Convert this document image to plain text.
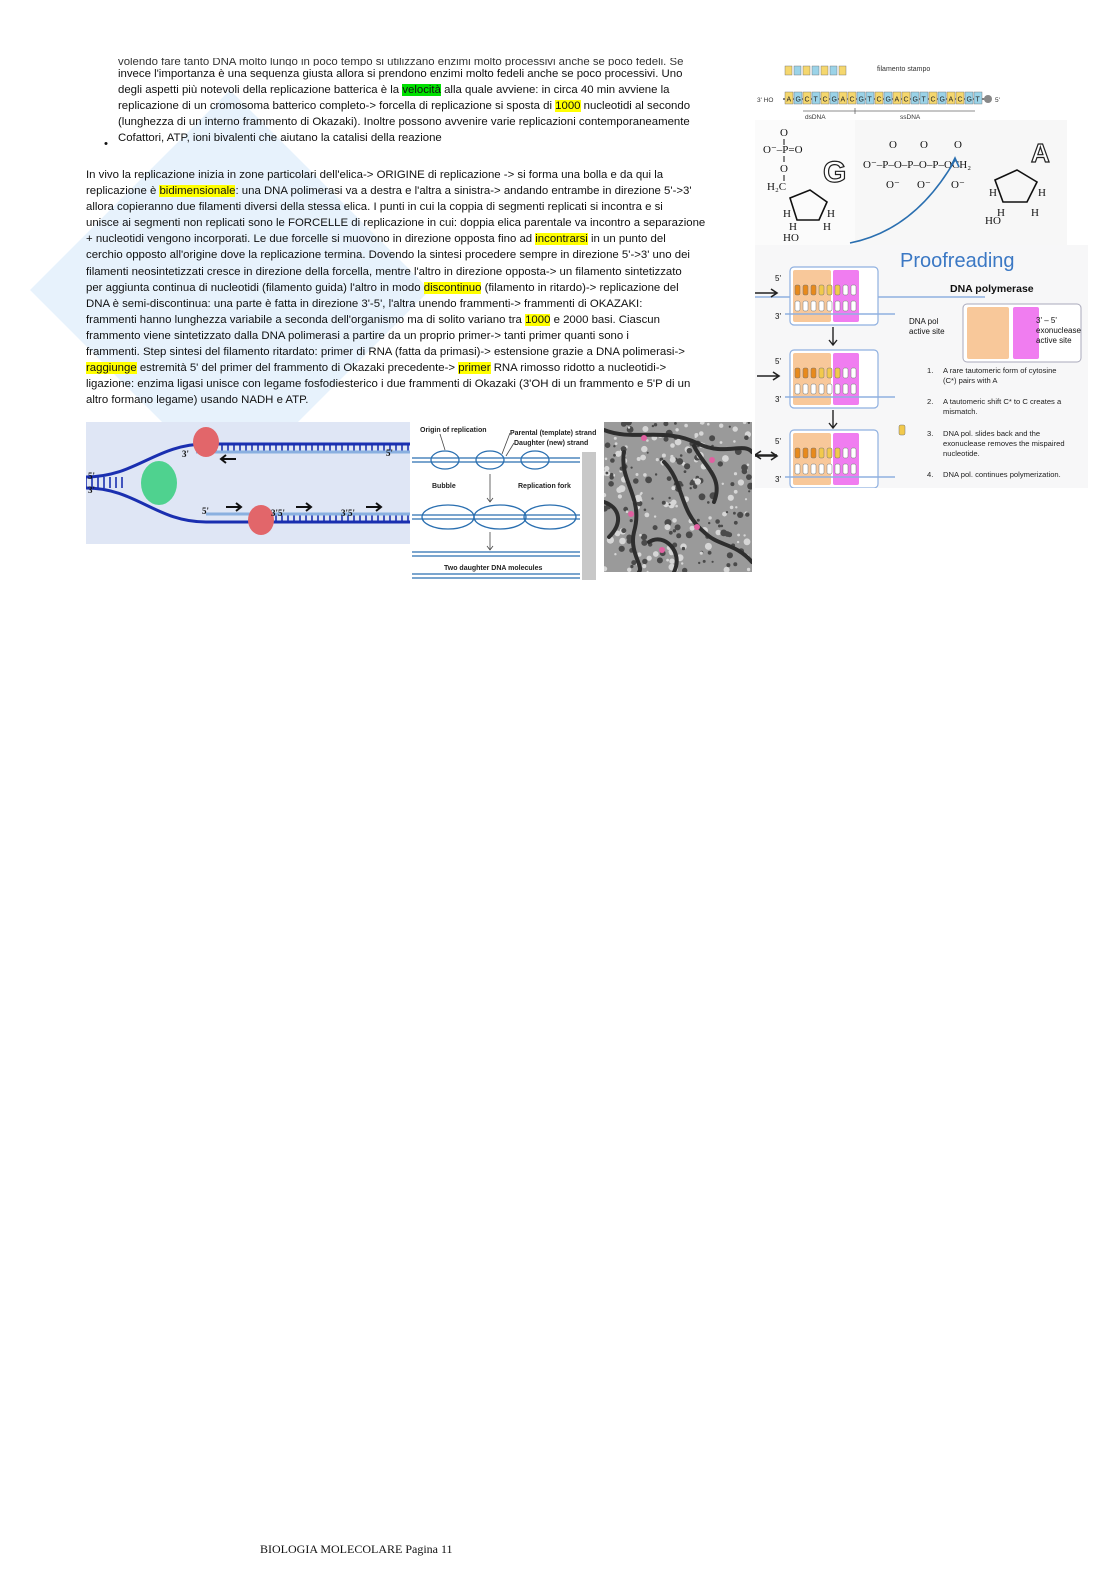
volendo fare tanto DNA molto lungo in poco tempo si utilizzano enzimi molto processivi anche se poco fedeli. Se
invece l'importanza è una sequenza giusta allora si prendono enzimi molto fedeli anche se poco processivi. Uno
degli aspetti più notevoli della replicazione batterica è la velocità alla quale avviene: in circa 40 min avviene la
replicazione di un cromosoma batterico completo-> forcella di replicazione si sposta di 1000 nucleotidi al secondo
(lunghezza di un interno frammento di Okazaki). Inoltre possono avvenire varie replicazioni contemporaneamente
Cofattori, ATP, ioni bivalenti che aiutano la catalisi della reazione
•
In vivo la replicazione inizia in zone particolari dell'elica-> ORIGINE di replicazione -> si forma una bolla e da qui la
replicazione è bidimensionale: una DNA polimerasi va a destra e l'altra a sinistra-> andando entrambe in direzione 5'->3'
allora copieranno due filamenti diversi della stessa elica. I punti in cui la coppia di segmenti replicati si incontra e si
unisce ai segmenti non replicati sono le FORCELLE di replicazione in cui: doppia elica parentale va incontro a separazione
+ nucleotidi vengono incorporati. Le due forcelle si muovono in direzione opposta fino ad incontrarsi in un punto del
cerchio opposto all'origine dove la replicazione termina. Dovendo la sintesi procedere sempre in direzione 5'->3' uno dei
filamenti neosintetizzati cresce in direzione della forcella, mentre l'altro in direzione opposta-> un filamento sintetizzato
per aggiunta continua di nucleotidi (filamento guida) l'altro in modo discontinuo (filamento in ritardo)-> replicazione del
DNA è semi-discontinua: una parte è fatta in direzione 3'-5', l'altra unendo frammenti-> frammenti di OKAZAKI:
frammenti hanno lunghezza variabile a seconda dell'organismo ma di solito variano tra 1000 e 2000 basi. Ciascun
frammento viene sintetizzato dalla DNA polimerasi a partire da un proprio primer-> tanti primer quanti sono i
frammenti. Step sintesi del filamento ritardato: primer di RNA (fatta da primasi)-> estensione grazie a DNA polimerasi->
raggiunge estremità 5' del primer del frammento di Okazaki precedente-> primer RNA rimosso ridotto a nucleotidi->
ligazione: enzima ligasi unisce con legame fosfodiesterico i due frammenti di Okazaki (3'OH di un frammento e 5'P di un
altro formano legame) usando NADH e ATP.
A G C T C G A C G T C G A C G T C G A C G T
filamento stampo
3' HO	5'
dsDNA	ssDNA
O
O⁻–P=O
O
H₂C
H	H
H H
HO
G
O O O
O⁻–P–O–P–O–P–OCH₂
O⁻ O⁻ O⁻
H	H
H H
HO
A
Proofreading
DNA polymerase
5'
3'
5'
3'
5'
3'
DNA pol active site
3' – 5' exonuclease active site
1. A rare tautomeric form of cytosine (C*) pairs with A
2. A tautomeric shift C* to C creates a mismatch.
3. DNA pol. slides back and the exonuclease removes the mispaired nucleotide.
4. DNA pol. continues polymerization.
5'
3'
3'	5'
5'	3'5'	3'5'
Origin of replication	Parental (template) strand
Daughter (new) strand
Bubble	Replication fork
Two daughter DNA molecules
BIOLOGIA MOLECOLARE Pagina 11
